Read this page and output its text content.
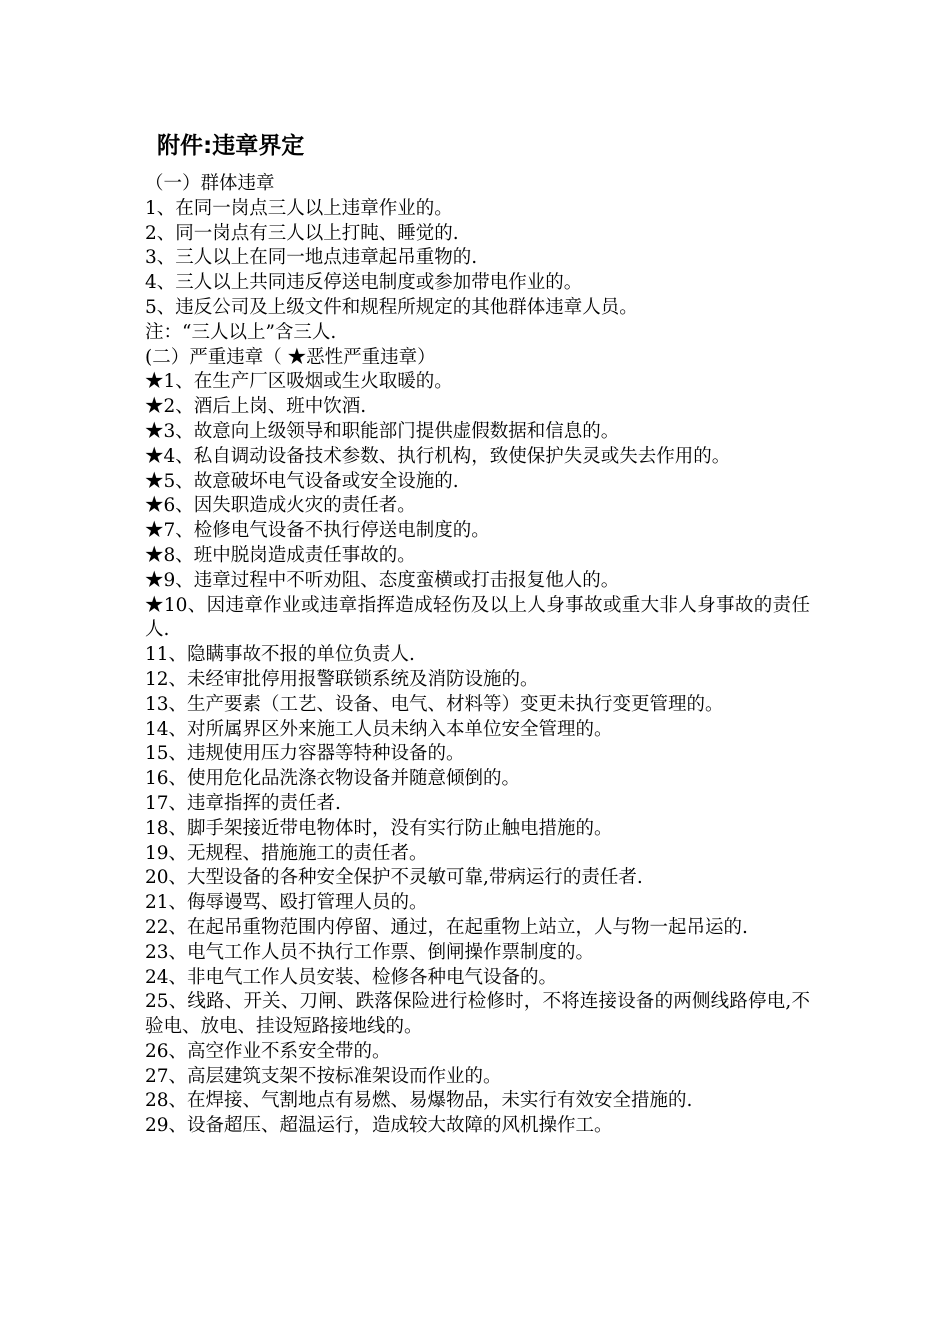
附件:违章界定
（一）群体违章
1、在同一岗点三人以上违章作业的。
2、同一岗点有三人以上打盹、睡觉的.
3、三人以上在同一地点违章起吊重物的.
4、三人以上共同违反停送电制度或参加带电作业的。
5、违反公司及上级文件和规程所规定的其他群体违章人员。
注：“三人以上”含三人.
(二）严重违章（ ★恶性严重违章）
★1、在生产厂区吸烟或生火取暖的。
★2、酒后上岗、班中饮酒.
★3、故意向上级领导和职能部门提供虚假数据和信息的。
★4、私自调动设备技术参数、执行机构，致使保护失灵或失去作用的。
★5、故意破坏电气设备或安全设施的.
★6、因失职造成火灾的责任者。
★7、检修电气设备不执行停送电制度的。
★8、班中脱岗造成责任事故的。
★9、违章过程中不听劝阻、态度蛮横或打击报复他人的。
★10、因违章作业或违章指挥造成轻伤及以上人身事故或重大非人身事故的责任人.
11、隐瞒事故不报的单位负责人.
12、未经审批停用报警联锁系统及消防设施的。
13、生产要素（工艺、设备、电气、材料等）变更未执行变更管理的。
14、对所属界区外来施工人员未纳入本单位安全管理的。
15、违规使用压力容器等特种设备的。
16、使用危化品洗涤衣物设备并随意倾倒的。
17、违章指挥的责任者.
18、脚手架接近带电物体时，没有实行防止触电措施的。
19、无规程、措施施工的责任者。
20、大型设备的各种安全保护不灵敏可靠,带病运行的责任者.
21、侮辱谩骂、殴打管理人员的。
22、在起吊重物范围内停留、通过，在起重物上站立，人与物一起吊运的.
23、电气工作人员不执行工作票、倒闸操作票制度的。
24、非电气工作人员安装、检修各种电气设备的。
25、线路、开关、刀闸、跌落保险进行检修时，不将连接设备的两侧线路停电,不验电、放电、挂设短路接地线的。
26、高空作业不系安全带的。
27、高层建筑支架不按标准架设而作业的。
28、在焊接、气割地点有易燃、易爆物品，未实行有效安全措施的.
29、设备超压、超温运行，造成较大故障的风机操作工。
